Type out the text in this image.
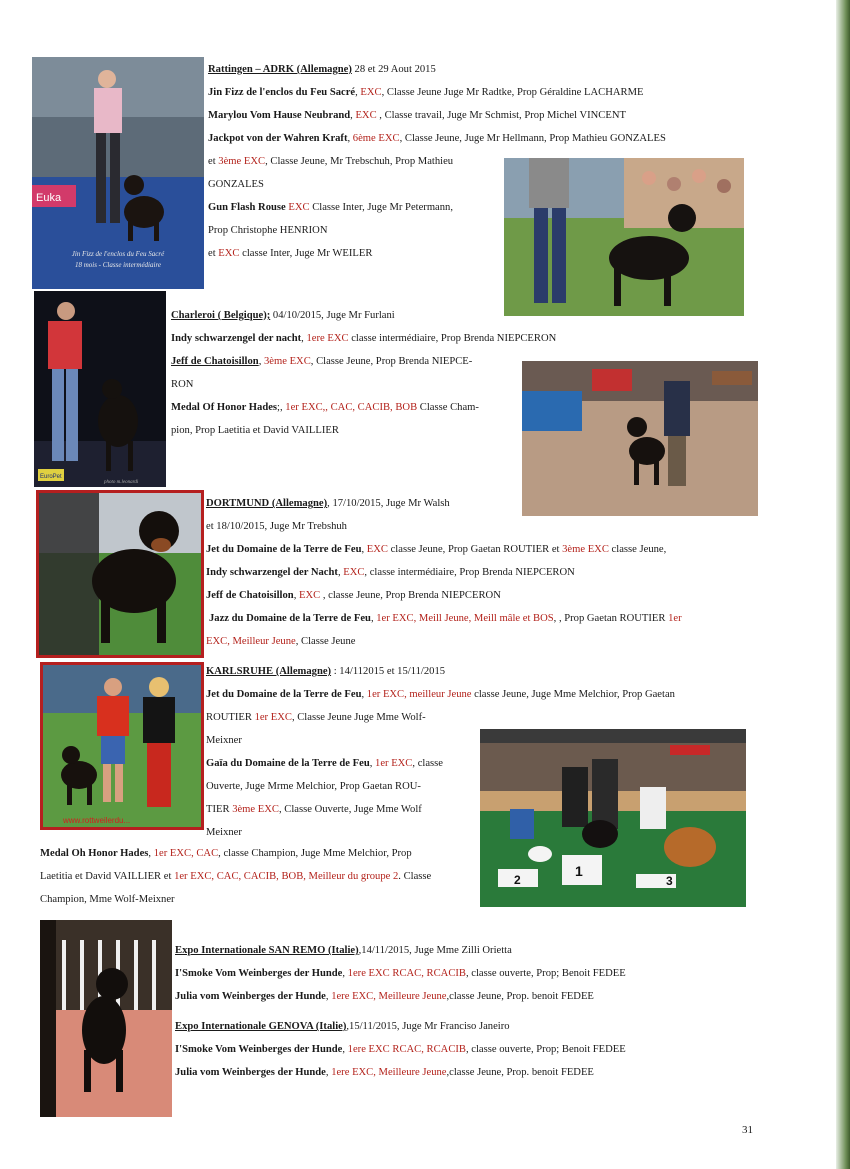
Euka
Jin Fizz de l'enclos du Feu Sacré
18 mois - Classe intermédiaire
EuroPet
photo m.leonardi
www.rottweilerdu...
1
2	3

Rattingen – ADRK (Allemagne) 28 et 29 Aout 2015

Jin Fizz de l'enclos du Feu Sacré, EXC, Classe Jeune Juge Mr Radtke, Prop Géraldine LACHARME

Marylou Vom Hause Neubrand, EXC , Classe travail, Juge Mr Schmist, Prop Michel VINCENT

Jackpot von der Wahren Kraft, 6ème EXC, Classe Jeune, Juge Mr Hellmann, Prop Mathieu GONZALES

et 3ème EXC, Classe Jeune, Mr Trebschuh, Prop Mathieu

GONZALES

Gun Flash Rouse EXC Classe Inter, Juge Mr Petermann,

Prop Christophe HENRION

et EXC classe Inter, Juge Mr WEILER

Charleroi ( Belgique); 04/10/2015, Juge Mr Furlani

Indy schwarzengel der nacht, 1ere EXC classe intermédiaire, Prop Brenda NIEPCERON

Jeff de Chatoisillon, 3ème EXC, Classe Jeune, Prop Brenda NIEPCE-

RON

Medal Of Honor Hades;, 1er EXC,, CAC, CACIB, BOB Classe Cham-

pion, Prop Laetitia et David VAILLIER

DORTMUND (Allemagne), 17/10/2015, Juge Mr Walsh

et 18/10/2015, Juge Mr Trebshuh

Jet du Domaine de la Terre de Feu, EXC classe Jeune, Prop Gaetan ROUTIER et 3ème EXC classe Jeune,

Indy schwarzengel der Nacht, EXC, classe intermédiaire, Prop Brenda NIEPCERON

Jeff de Chatoisillon, EXC , classe Jeune, Prop Brenda NIEPCERON

Jazz du Domaine de la Terre de Feu, 1er EXC, Meill Jeune, Meill mâle et BOS, , Prop Gaetan ROUTIER 1er

EXC, Meilleur Jeune, Classe Jeune

KARLSRUHE (Allemagne) : 14/112015 et 15/11/2015

Jet du Domaine de la Terre de Feu, 1er EXC, meilleur Jeune classe Jeune, Juge Mme Melchior, Prop Gaetan

ROUTIER 1er EXC, Classe Jeune Juge Mme Wolf-

Meixner

Gaïa du Domaine de la Terre de Feu, 1er EXC, classe

Ouverte, Juge Mrme Melchior, Prop Gaetan ROU-

TIER 3ème EXC, Classe Ouverte, Juge Mme Wolf

Meixner

Medal Oh Honor Hades, 1er EXC, CAC, classe Champion, Juge Mme Melchior, Prop

Laetitia et David VAILLIER et 1er EXC, CAC, CACIB, BOB, Meilleur du groupe 2. Classe

Champion, Mme Wolf-Meixner

Expo Internationale SAN REMO (Italie),14/11/2015, Juge Mme Zilli Orietta

I'Smoke Vom Weinberges der Hunde, 1ere EXC RCAC, RCACIB, classe ouverte, Prop; Benoit FEDEE

Julia vom Weinberges der Hunde, 1ere EXC, Meilleure Jeune,classe Jeune, Prop. benoit FEDEE

Expo Internationale GENOVA (Italie),15/11/2015, Juge Mr Franciso Janeiro

I'Smoke Vom Weinberges der Hunde, 1ere EXC RCAC, RCACIB, classe ouverte, Prop; Benoit FEDEE

Julia vom Weinberges der Hunde, 1ere EXC, Meilleure Jeune,classe Jeune, Prop. benoit FEDEE

31
